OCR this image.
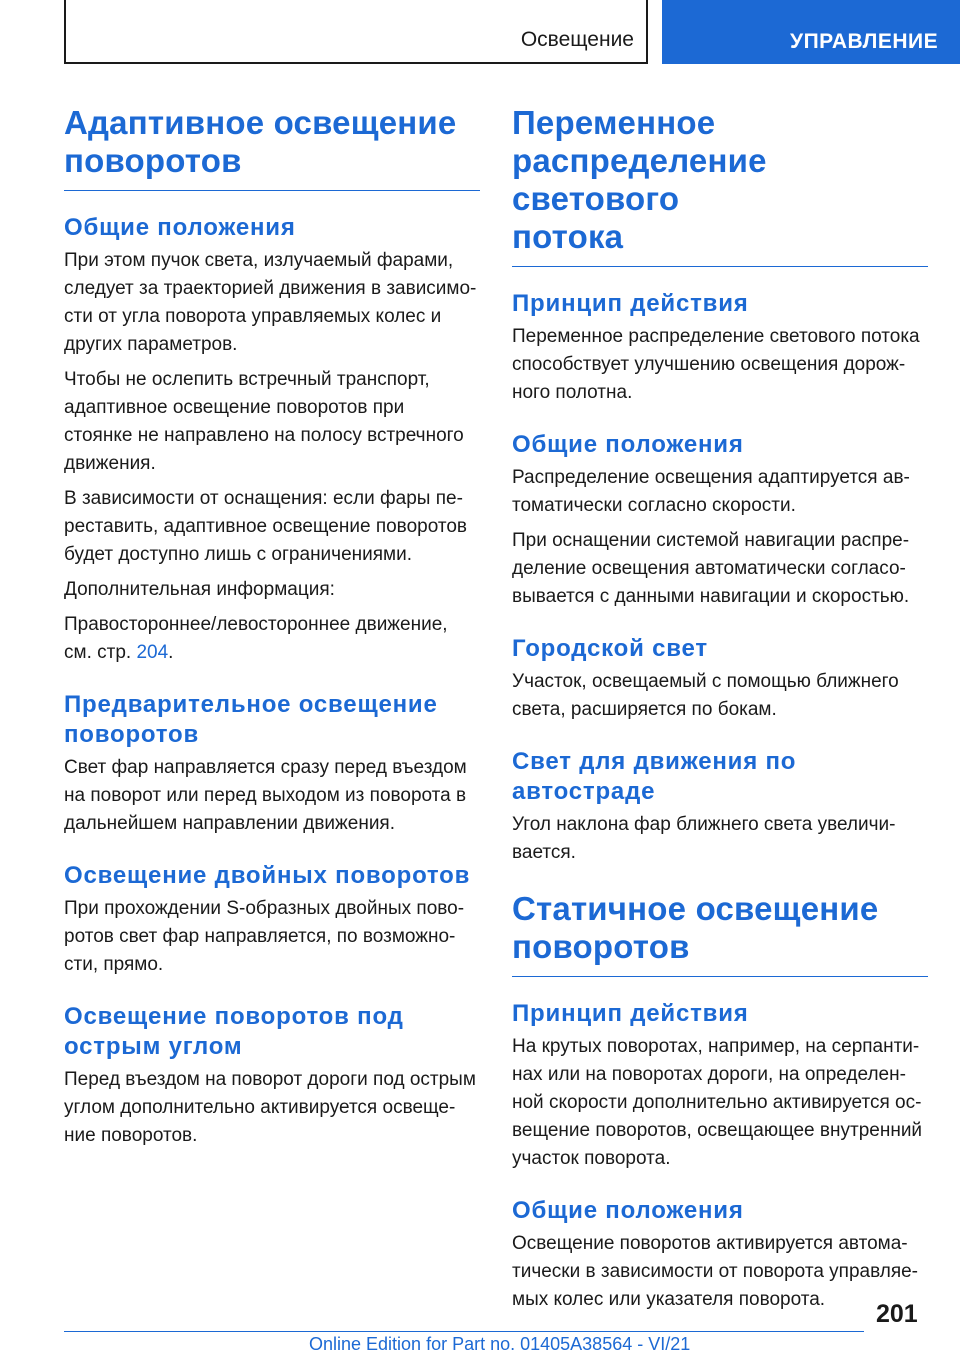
Освещение	УПРАВЛЕНИЕ
Адаптивное освещение
поворотов
Общие положения

При этом пучок света, излучаемый фарами,
следует за траекторией движения в зависимо-
сти от угла поворота управляемых колес и
других параметров.

Чтобы не ослепить встречный транспорт,
адаптивное освещение поворотов при
стоянке не направлено на полосу встречного
движения.

В зависимости от оснащения: если фары пе-
реставить, адаптивное освещение поворотов
будет доступно лишь с ограничениями.

Дополнительная информация:

Правостороннее/левостороннее движение,
см. стр. 204.

Предварительное освещение
поворотов

Свет фар направляется сразу перед въездом
на поворот или перед выходом из поворота в
дальнейшем направлении движения.

Освещение двойных поворотов

При прохождении S-образных двойных пово-
ротов свет фар направляется, по возможно-
сти, прямо.

Освещение поворотов под
острым углом

Перед въездом на поворот дороги под острым
углом дополнительно активируется освеще-
ние поворотов.

Переменное
распределение светового
потока
Принцип действия

Переменное распределение светового потока
способствует улучшению освещения дорож-
ного полотна.

Общие положения

Распределение освещения адаптируется ав-
томатически согласно скорости.

При оснащении системой навигации распре-
деление освещения автоматически согласо-
вывается с данными навигации и скоростью.

Городской свет

Участок, освещаемый с помощью ближнего
света, расширяется по бокам.

Свет для движения по
автостраде

Угол наклона фар ближнего света увеличи-
вается.

Статичное освещение
поворотов
Принцип действия

На крутых поворотах, например, на серпанти-
нах или на поворотах дороги, на определен-
ной скорости дополнительно активируется ос-
вещение поворотов, освещающее внутренний
участок поворота.

Общие положения

Освещение поворотов активируется автома-
тически в зависимости от поворота управляе-
мых колес или указателя поворота.

201
Online Edition for Part no. 01405A38564 - VI/21
